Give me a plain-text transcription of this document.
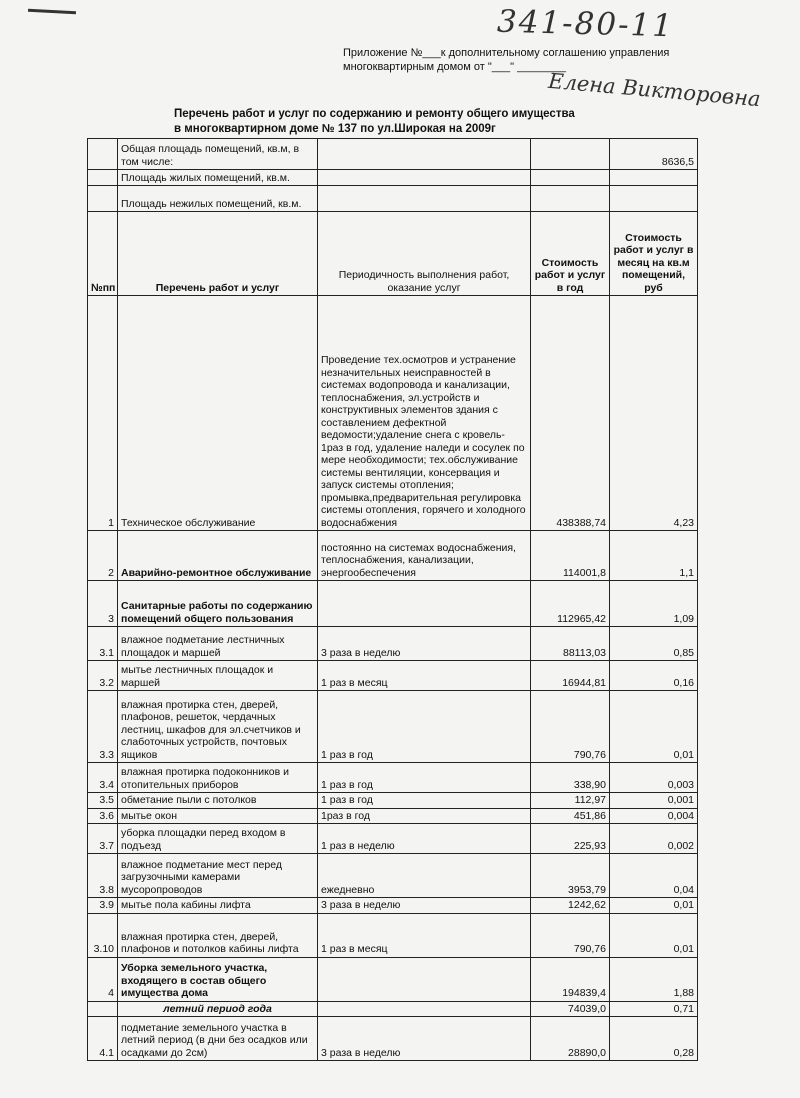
341-80-11
Елена Викторовна
Приложение №___к дополнительному соглашению управления
многоквартирным домом от "___" ________
Перечень работ и услуг по содержанию и ремонту общего имущества
в многоквартирном доме № 137 по ул.Широкая на 2009г
	Общая площадь помещений, кв.м, в том числе:			8636,5
	Площадь жилых помещений, кв.м.			
	Площадь нежилых помещений, кв.м.			
№пп	Перечень работ и услуг	Периодичность выполнения работ, оказание услуг	Стоимость работ и услуг в год	Стоимость работ и услуг в месяц на кв.м помещений, руб
1	Техническое обслуживание	Проведение тех.осмотров и устранение незначительных неисправностей в системах водопровода и канализации, теплоснабжения, эл.устройств и конструктивных элементов здания с составлением дефектной ведомости;удаление снега с кровель- 1раз в год, удаление наледи и сосулек по мере необходимости; тех.обслуживание системы вентиляции, консервация и запуск системы отопления; промывка,предварительная регулировка системы отопления, горячего и холодного водоснабжения	438388,74	4,23
2	Аварийно-ремонтное обслуживание	постоянно на системах водоснабжения, теплоснабжения, канализации, энергообеспечения	114001,8	1,1
3	Санитарные работы по содержанию помещений общего пользования		112965,42	1,09
3.1	влажное подметание лестничных площадок и маршей	3 раза в неделю	88113,03	0,85
3.2	мытье лестничных площадок и маршей	1 раз в месяц	16944,81	0,16
3.3	влажная протирка стен, дверей, плафонов, решеток, чердачных лестниц, шкафов для эл.счетчиков и слаботочных устройств, почтовых ящиков	1 раз в год	790,76	0,01
3.4	влажная протирка подоконников и отопительных приборов	1 раз в год	338,90	0,003
3.5	обметание пыли с потолков	1 раз в год	112,97	0,001
3.6	мытье окон	1раз в год	451,86	0,004
3.7	уборка площадки перед входом в подъезд	1 раз в неделю	225,93	0,002
3.8	влажное подметание мест перед загрузочными камерами мусоропроводов	ежедневно	3953,79	0,04
3.9	мытье пола кабины лифта	3 раза в неделю	1242,62	0,01
3.10	влажная протирка стен, дверей, плафонов и потолков кабины лифта	1 раз в месяц	790,76	0,01
4	Уборка земельного участка, входящего в состав общего имущества дома		194839,4	1,88
	летний период года		74039,0	0,71
4.1	подметание земельного участка в летний период (в дни без осадков или осадками до 2см)	3 раза в неделю	28890,0	0,28
